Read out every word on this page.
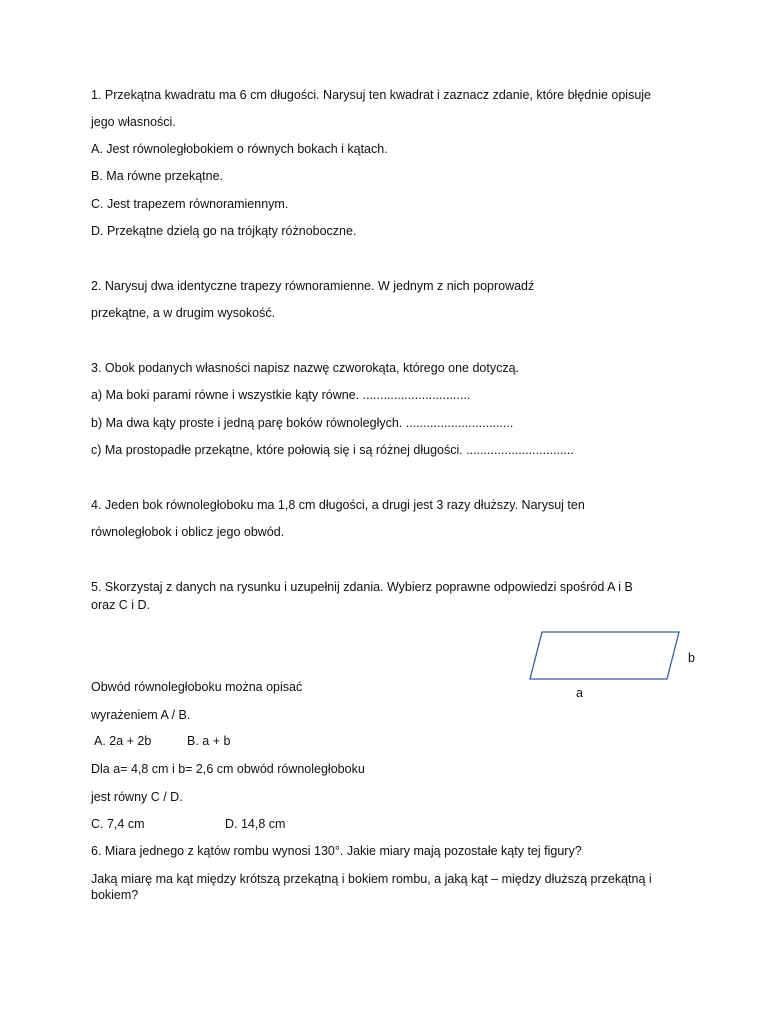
1. Przekątna kwadratu ma 6 cm długości. Narysuj ten kwadrat i zaznacz zdanie, które błędnie opisuje
jego własności.
A. Jest równoległobokiem o równych bokach i kątach.
B. Ma równe przekątne.
C. Jest trapezem równoramiennym.
D. Przekątne dzielą go na trójkąty różnoboczne.
2. Narysuj dwa identyczne trapezy równoramienne. W jednym z nich poprowadź
przekątne, a w drugim wysokość.
3. Obok podanych własności napisz nazwę czworokąta, którego one dotyczą.
a) Ma boki parami równe i wszystkie kąty równe. ...............................
b) Ma dwa kąty proste i jedną parę boków równoległych. ...............................
c) Ma prostopadłe przekątne, które połowią się i są różnej długości. ...............................
4. Jeden bok równoległoboku ma 1,8 cm długości, a drugi jest 3 razy dłuższy. Narysuj ten
równoległobok i oblicz jego obwód.
5. Skorzystaj z danych na rysunku i uzupełnij zdania. Wybierz poprawne odpowiedzi spośród A i B
oraz C i D.
b
a
Obwód równoległoboku można opisać
wyrażeniem A / B.
A. 2a + 2b	B. a + b
Dla a= 4,8 cm i b= 2,6 cm obwód równoległoboku
jest równy C / D.
C. 7,4 cm	D. 14,8 cm
6. Miara jednego z kątów rombu wynosi 130°. Jakie miary mają pozostałe kąty tej figury?
Jaką miarę ma kąt między krótszą przekątną i bokiem rombu, a jaką kąt – między dłuższą przekątną i bokiem?
